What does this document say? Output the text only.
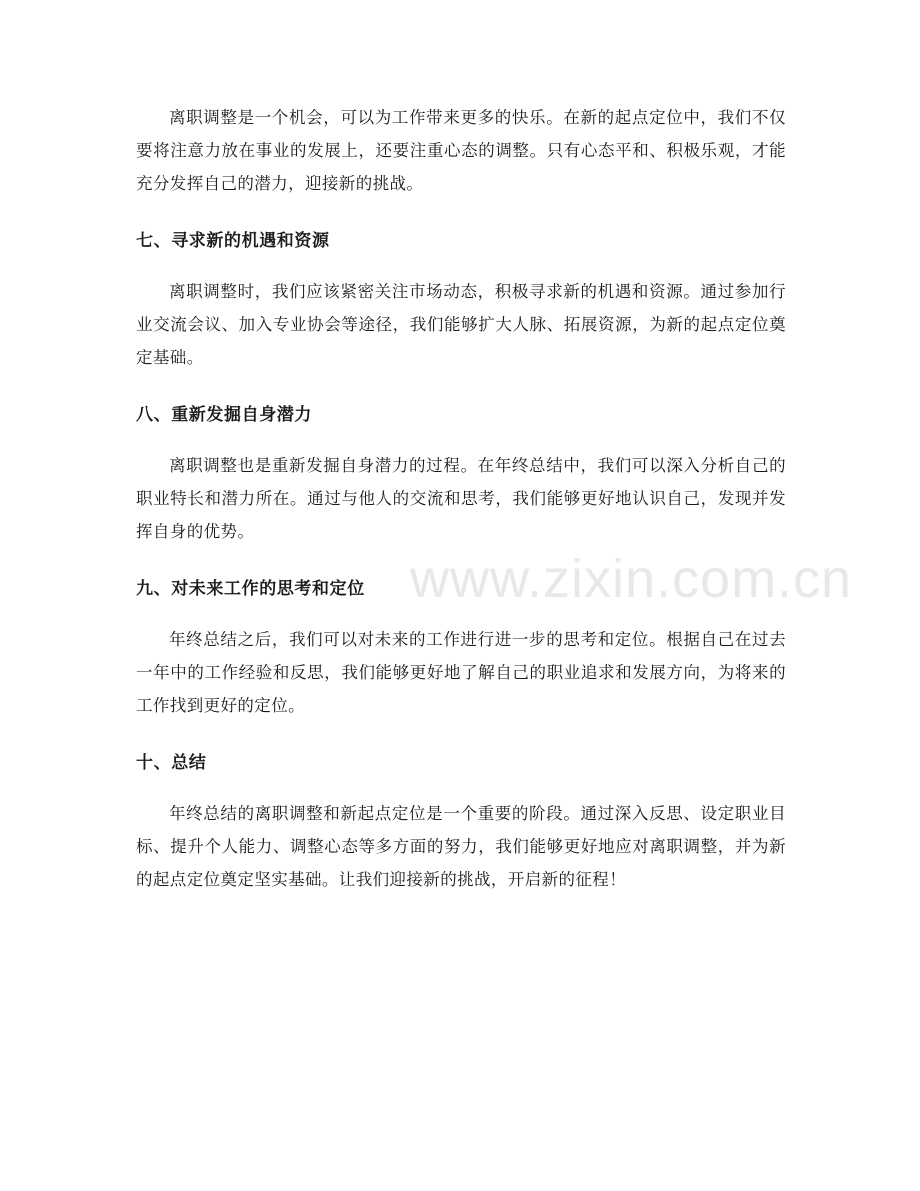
离职调整是一个机会，可以为工作带来更多的快乐。在新的起点定位中，我们不仅要将注意力放在事业的发展上，还要注重心态的调整。只有心态平和、积极乐观，才能充分发挥自己的潜力，迎接新的挑战。

七、寻求新的机遇和资源

离职调整时，我们应该紧密关注市场动态，积极寻求新的机遇和资源。通过参加行业交流会议、加入专业协会等途径，我们能够扩大人脉、拓展资源，为新的起点定位奠定基础。

八、重新发掘自身潜力

离职调整也是重新发掘自身潜力的过程。在年终总结中，我们可以深入分析自己的职业特长和潜力所在。通过与他人的交流和思考，我们能够更好地认识自己，发现并发挥自身的优势。

九、对未来工作的思考和定位

年终总结之后，我们可以对未来的工作进行进一步的思考和定位。根据自己在过去一年中的工作经验和反思，我们能够更好地了解自己的职业追求和发展方向，为将来的工作找到更好的定位。

十、总结

年终总结的离职调整和新起点定位是一个重要的阶段。通过深入反思、设定职业目标、提升个人能力、调整心态等多方面的努力，我们能够更好地应对离职调整，并为新的起点定位奠定坚实基础。让我们迎接新的挑战，开启新的征程！

www.zixin.com.cn
